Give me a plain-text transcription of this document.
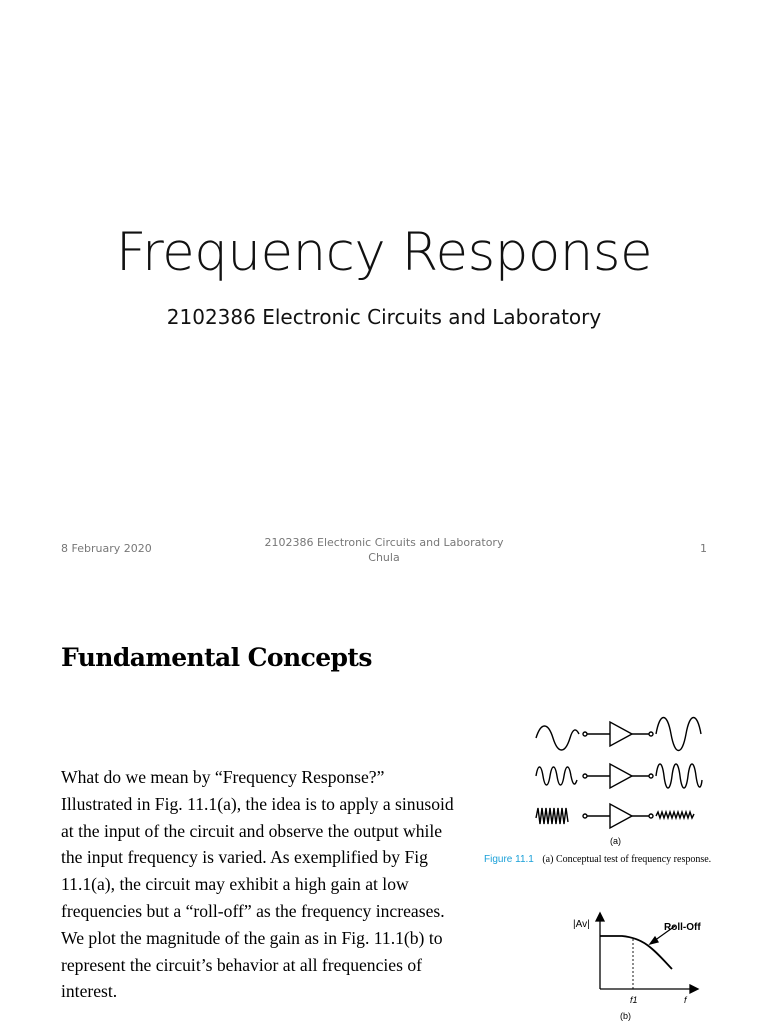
Frequency Response
2102386 Electronic Circuits and Laboratory
8 February 2020	2102386 Electronic Circuits and Laboratory
Chula
1
Fundamental Concepts

What do we mean by “Frequency Response?” Illustrated in Fig. 11.1(a), the idea is to apply a sinusoid at the input of the circuit and observe the output while the input frequency is varied. As exemplified by Fig 11.1(a), the circuit may exhibit a high gain at low frequencies but a “roll-off” as the frequency increases. We plot the magnitude of the gain as in Fig. 11.1(b) to represent the circuit’s behavior at all frequencies of interest.

(a)
Figure 11.1 (a) Conceptual test of frequency response.
|Av|	Roll-Off
f1	f
(b)
